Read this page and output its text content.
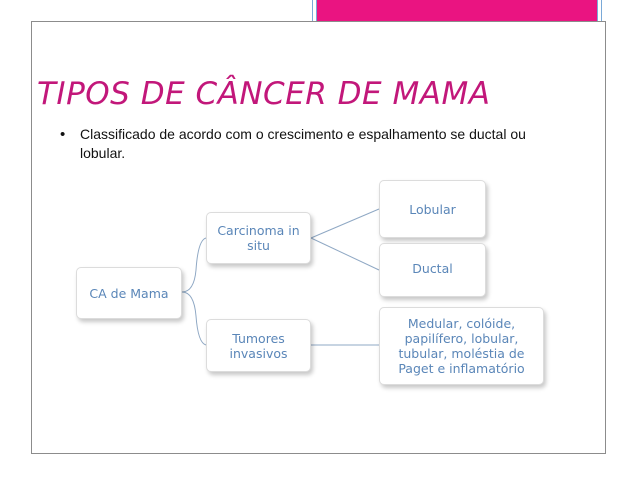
TIPOS DE CÂNCER DE MAMA
•	Classificado de acordo com o crescimento e espalhamento se ductal ou lobular.
CA de Mama
Carcinoma in situ
Tumores invasivos
Lobular
Ductal
Medular, colóide, papilífero, lobular, tubular, moléstia de Paget e inflamatório
